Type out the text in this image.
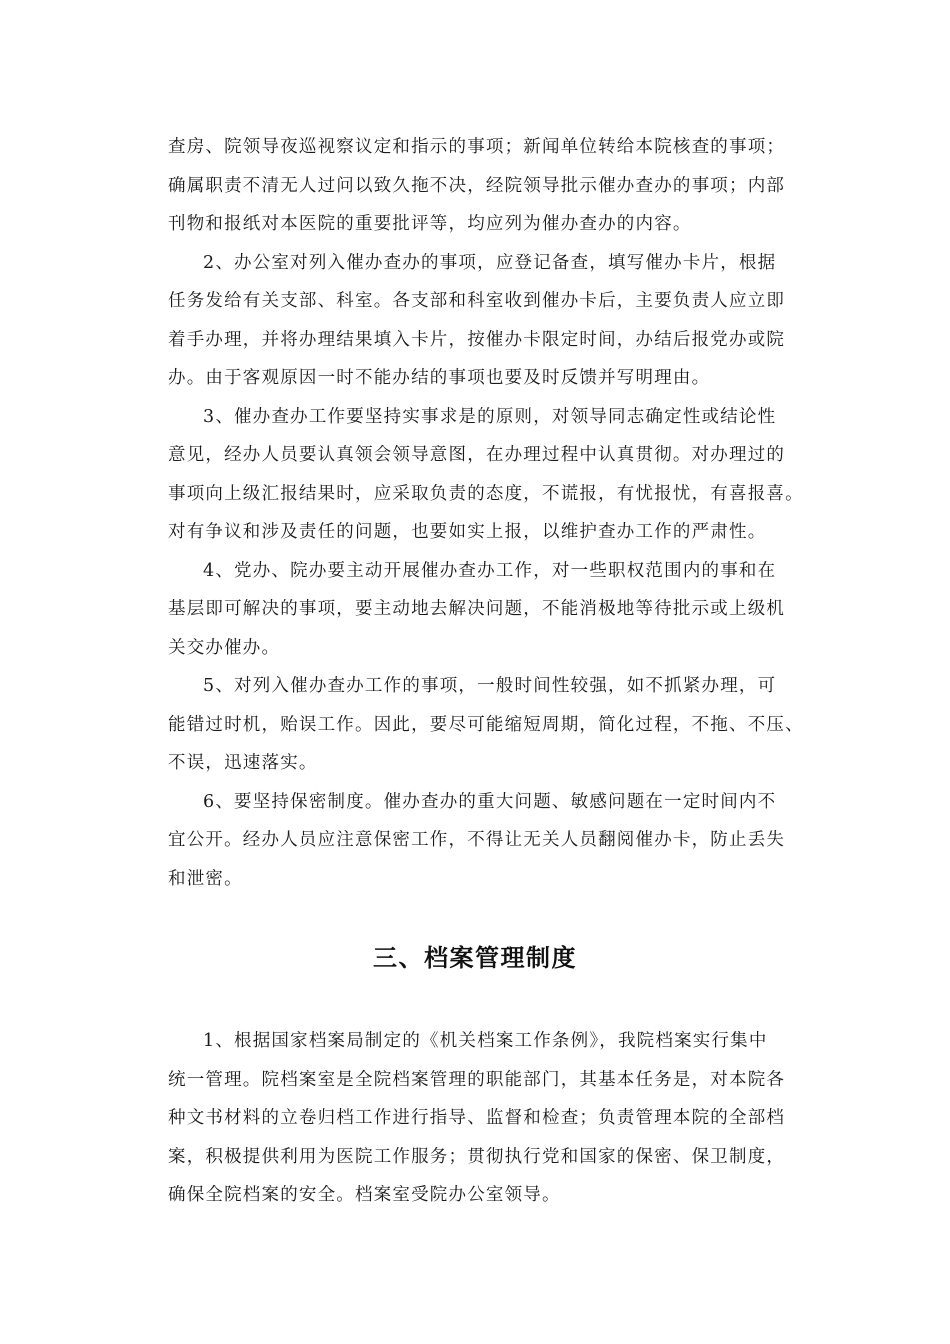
查房、院领导夜巡视察议定和指示的事项；新闻单位转给本院核查的事项；
确属职责不清无人过问以致久拖不决，经院领导批示催办查办的事项；内部
刊物和报纸对本医院的重要批评等，均应列为催办查办的内容。
2、办公室对列入催办查办的事项，应登记备查，填写催办卡片，根据
任务发给有关支部、科室。各支部和科室收到催办卡后，主要负责人应立即
着手办理，并将办理结果填入卡片，按催办卡限定时间，办结后报党办或院
办。由于客观原因一时不能办结的事项也要及时反馈并写明理由。
3、催办查办工作要坚持实事求是的原则，对领导同志确定性或结论性
意见，经办人员要认真领会领导意图，在办理过程中认真贯彻。对办理过的
事项向上级汇报结果时，应采取负责的态度，不谎报，有忧报忧，有喜报喜。
对有争议和涉及责任的问题，也要如实上报，以维护查办工作的严肃性。
4、党办、院办要主动开展催办查办工作，对一些职权范围内的事和在
基层即可解决的事项，要主动地去解决问题，不能消极地等待批示或上级机
关交办催办。
5、对列入催办查办工作的事项，一般时间性较强，如不抓紧办理，可
能错过时机，贻误工作。因此，要尽可能缩短周期，简化过程，不拖、不压、
不误，迅速落实。
6、要坚持保密制度。催办查办的重大问题、敏感问题在一定时间内不
宜公开。经办人员应注意保密工作，不得让无关人员翻阅催办卡，防止丢失
和泄密。
三、档案管理制度
1、根据国家档案局制定的《机关档案工作条例》，我院档案实行集中
统一管理。院档案室是全院档案管理的职能部门，其基本任务是，对本院各
种文书材料的立卷归档工作进行指导、监督和检查；负责管理本院的全部档
案，积极提供利用为医院工作服务；贯彻执行党和国家的保密、保卫制度，
确保全院档案的安全。档案室受院办公室领导。
